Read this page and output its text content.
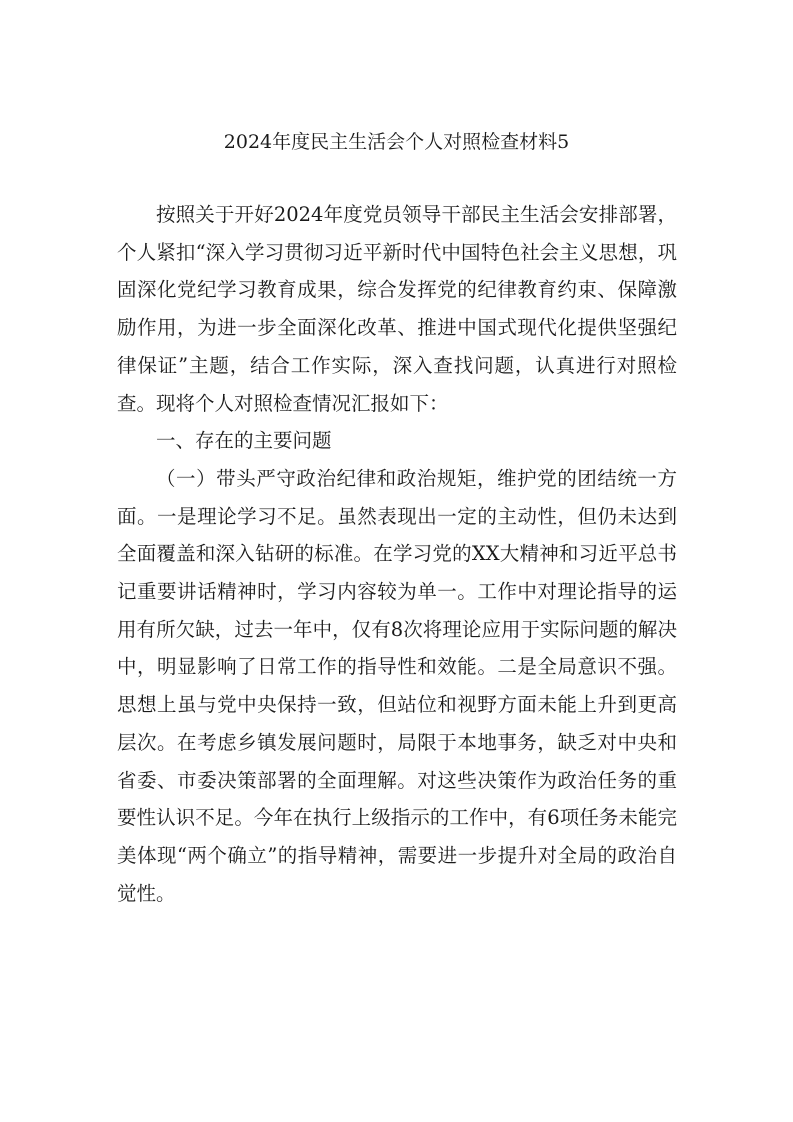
2024年度民主生活会个人对照检查材料5

按照关于开好2024年度党员领导干部民主生活会安排部署，个人紧扣“深入学习贯彻习近平新时代中国特色社会主义思想，巩固深化党纪学习教育成果，综合发挥党的纪律教育约束、保障激励作用，为进一步全面深化改革、推进中国式现代化提供坚强纪律保证”主题，结合工作实际，深入查找问题，认真进行对照检查。现将个人对照检查情况汇报如下：

一、存在的主要问题

（一）带头严守政治纪律和政治规矩，维护党的团结统一方面。一是理论学习不足。虽然表现出一定的主动性，但仍未达到全面覆盖和深入钻研的标准。在学习党的XX大精神和习近平总书记重要讲话精神时，学习内容较为单一。工作中对理论指导的运用有所欠缺，过去一年中，仅有8次将理论应用于实际问题的解决中，明显影响了日常工作的指导性和效能。二是全局意识不强。思想上虽与党中央保持一致，但站位和视野方面未能上升到更高层次。在考虑乡镇发展问题时，局限于本地事务，缺乏对中央和省委、市委决策部署的全面理解。对这些决策作为政治任务的重要性认识不足。今年在执行上级指示的工作中，有6项任务未能完美体现“两个确立”的指导精神，需要进一步提升对全局的政治自觉性。
